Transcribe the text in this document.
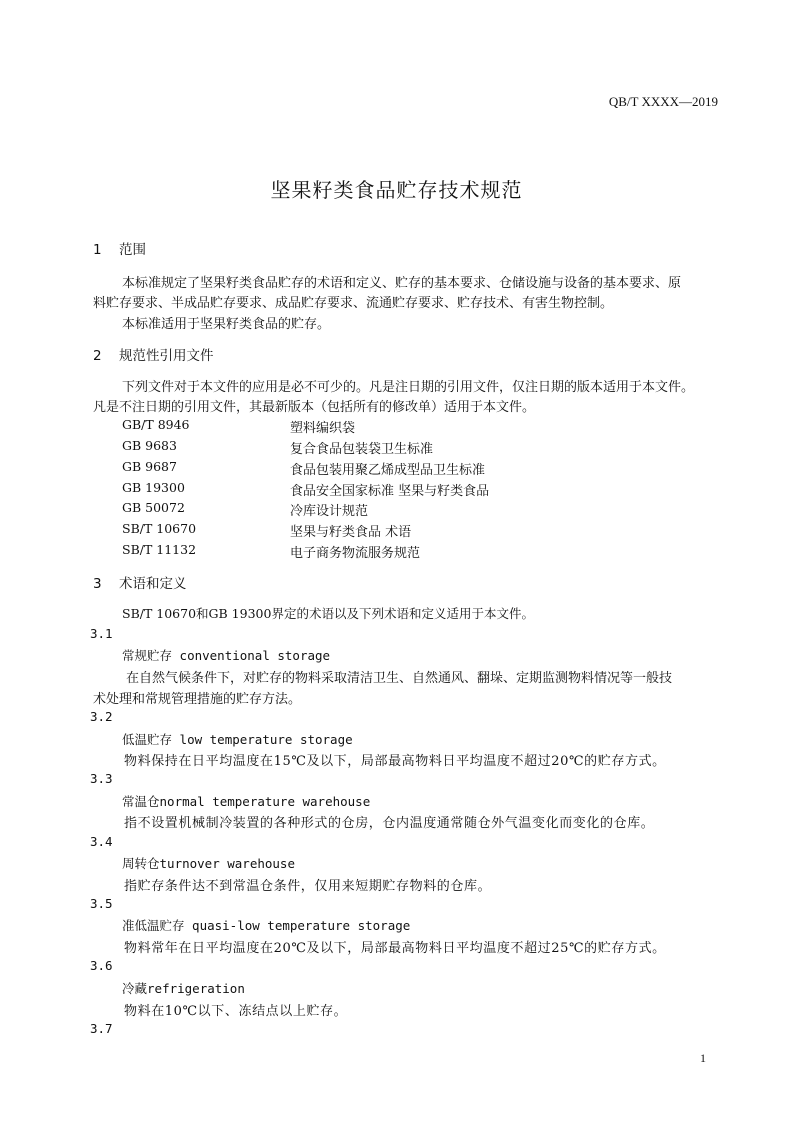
QB/T XXXX—2019
坚果籽类食品贮存技术规范
1 范围
本标准规定了坚果籽类食品贮存的术语和定义、贮存的基本要求、仓储设施与设备的基本要求、原
料贮存要求、半成品贮存要求、成品贮存要求、流通贮存要求、贮存技术、有害生物控制。
本标准适用于坚果籽类食品的贮存。
2 规范性引用文件
下列文件对于本文件的应用是必不可少的。凡是注日期的引用文件，仅注日期的版本适用于本文件。
凡是不注日期的引用文件，其最新版本（包括所有的修改单）适用于本文件。
GB/T 8946	塑料编织袋
GB 9683	复合食品包装袋卫生标准
GB 9687	食品包装用聚乙烯成型品卫生标准
GB 19300	食品安全国家标准 坚果与籽类食品
GB 50072	冷库设计规范
SB/T 10670	坚果与籽类食品 术语
SB/T 11132	电子商务物流服务规范
3 术语和定义
SB/T 10670和GB 19300界定的术语以及下列术语和定义适用于本文件。
3.1
常规贮存 conventional storage
在自然气候条件下，对贮存的物料采取清洁卫生、自然通风、翻垛、定期监测物料情况等一般技
术处理和常规管理措施的贮存方法。
3.2
低温贮存 low temperature storage
物料保持在日平均温度在15℃及以下，局部最高物料日平均温度不超过20℃的贮存方式。
3.3
常温仓normal temperature warehouse
指不设置机械制冷装置的各种形式的仓房，仓内温度通常随仓外气温变化而变化的仓库。
3.4
周转仓turnover warehouse
指贮存条件达不到常温仓条件，仅用来短期贮存物料的仓库。
3.5
准低温贮存 quasi-low temperature storage
物料常年在日平均温度在20℃及以下，局部最高物料日平均温度不超过25℃的贮存方式。
3.6
冷藏refrigeration
物料在10℃以下、冻结点以上贮存。
3.7
1
